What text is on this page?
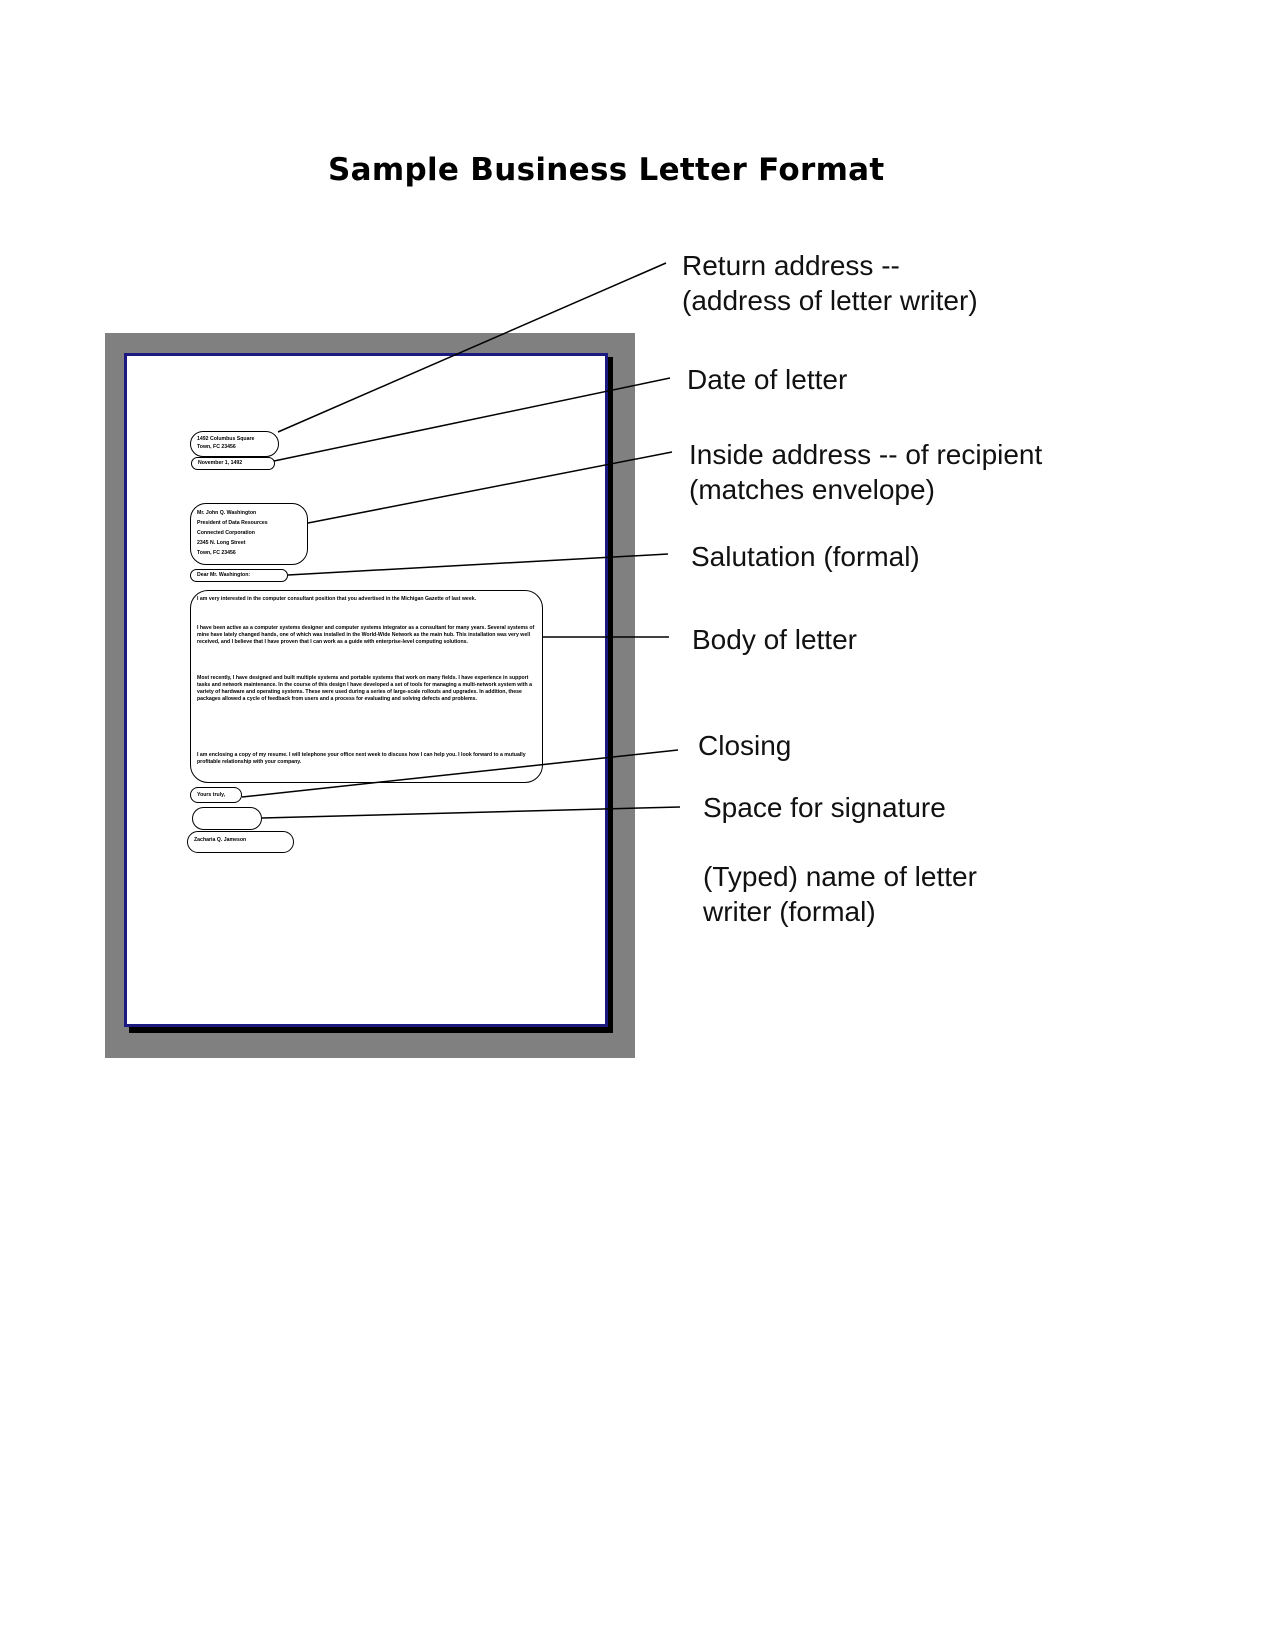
Sample Business Letter Format
1492 Columbus Square
Town, FC 23456
November 1, 1492
Mr. John Q. Washington
President of Data Resources
Connected Corporation
2345 N. Long Street
Town, FC 23456
Dear Mr. Washington:
I am very interested in the computer consultant position that you advertised in the Michigan Gazette of last week.
I have been active as a computer systems designer and computer systems integrator as a consultant for many years. Several systems of mine have lately changed hands, one of which was installed in the World-Wide Network as the main hub. This installation was very well received, and I believe that I have proven that I can work as a guide with enterprise-level computing solutions.
Most recently, I have designed and built multiple systems and portable systems that work on many fields. I have experience in support tasks and network maintenance. In the course of this design I have developed a set of tools for managing a multi-network system with a variety of hardware and operating systems. These were used during a series of large-scale rollouts and upgrades. In addition, these packages allowed a cycle of feedback from users and a process for evaluating and solving defects and problems.
I am enclosing a copy of my resume. I will telephone your office next week to discuss how I can help you. I look forward to a mutually profitable relationship with your company.
Yours truly,
Zacharia Q. Jameson
Return address --
(address of letter writer)
Date of letter
Inside address -- of recipient
(matches envelope)
Salutation (formal)
Body of letter
Closing
Space for signature
(Typed) name of letter
writer (formal)
